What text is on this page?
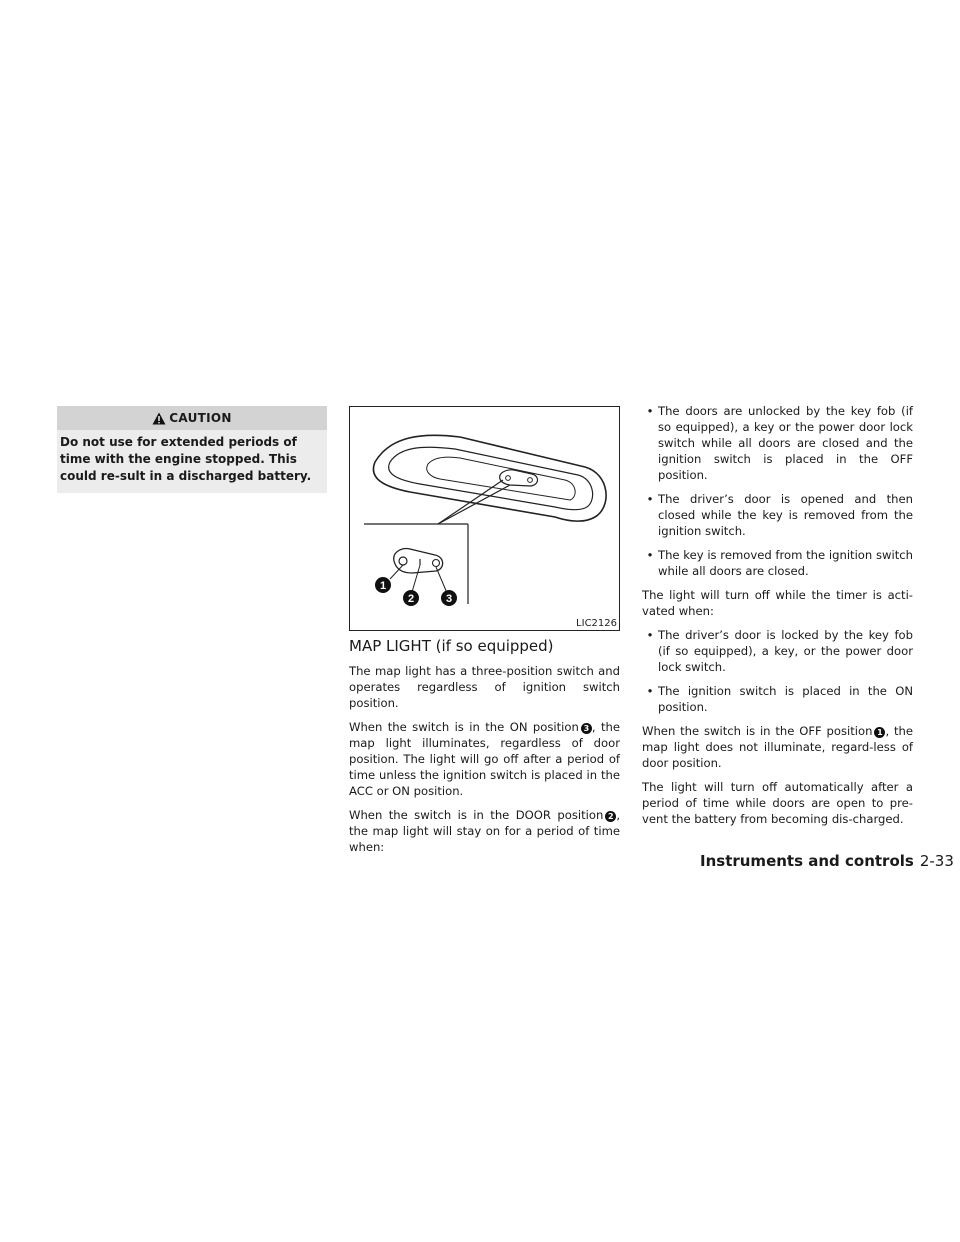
CAUTION
Do not use for extended periods of time with the engine stopped. This could re-sult in a discharged battery.
1
2	3
LIC2126
MAP LIGHT (if so equipped)

The map light has a three-position switch and operates regardless of ignition switch position.

When the switch is in the ON position 3 , the map light illuminates, regardless of door position. The light will go off after a period of time unless the ignition switch is placed in the ACC or ON position.

When the switch is in the DOOR position 2 , the map light will stay on for a period of time when:

• The doors are unlocked by the key fob (if so equipped), a key or the power door lock switch while all doors are closed and the ignition switch is placed in the OFF position.
• The driver’s door is opened and then closed while the key is removed from the ignition switch.
• The key is removed from the ignition switch while all doors are closed.

The light will turn off while the timer is acti-vated when:

• The driver’s door is locked by the key fob (if so equipped), a key, or the power door lock switch.
• The ignition switch is placed in the ON position.

When the switch is in the OFF position 1 , the map light does not illuminate, regard-less of door position.

The light will turn off automatically after a period of time while doors are open to pre-vent the battery from becoming dis-charged.

Instruments and controls 2-33
